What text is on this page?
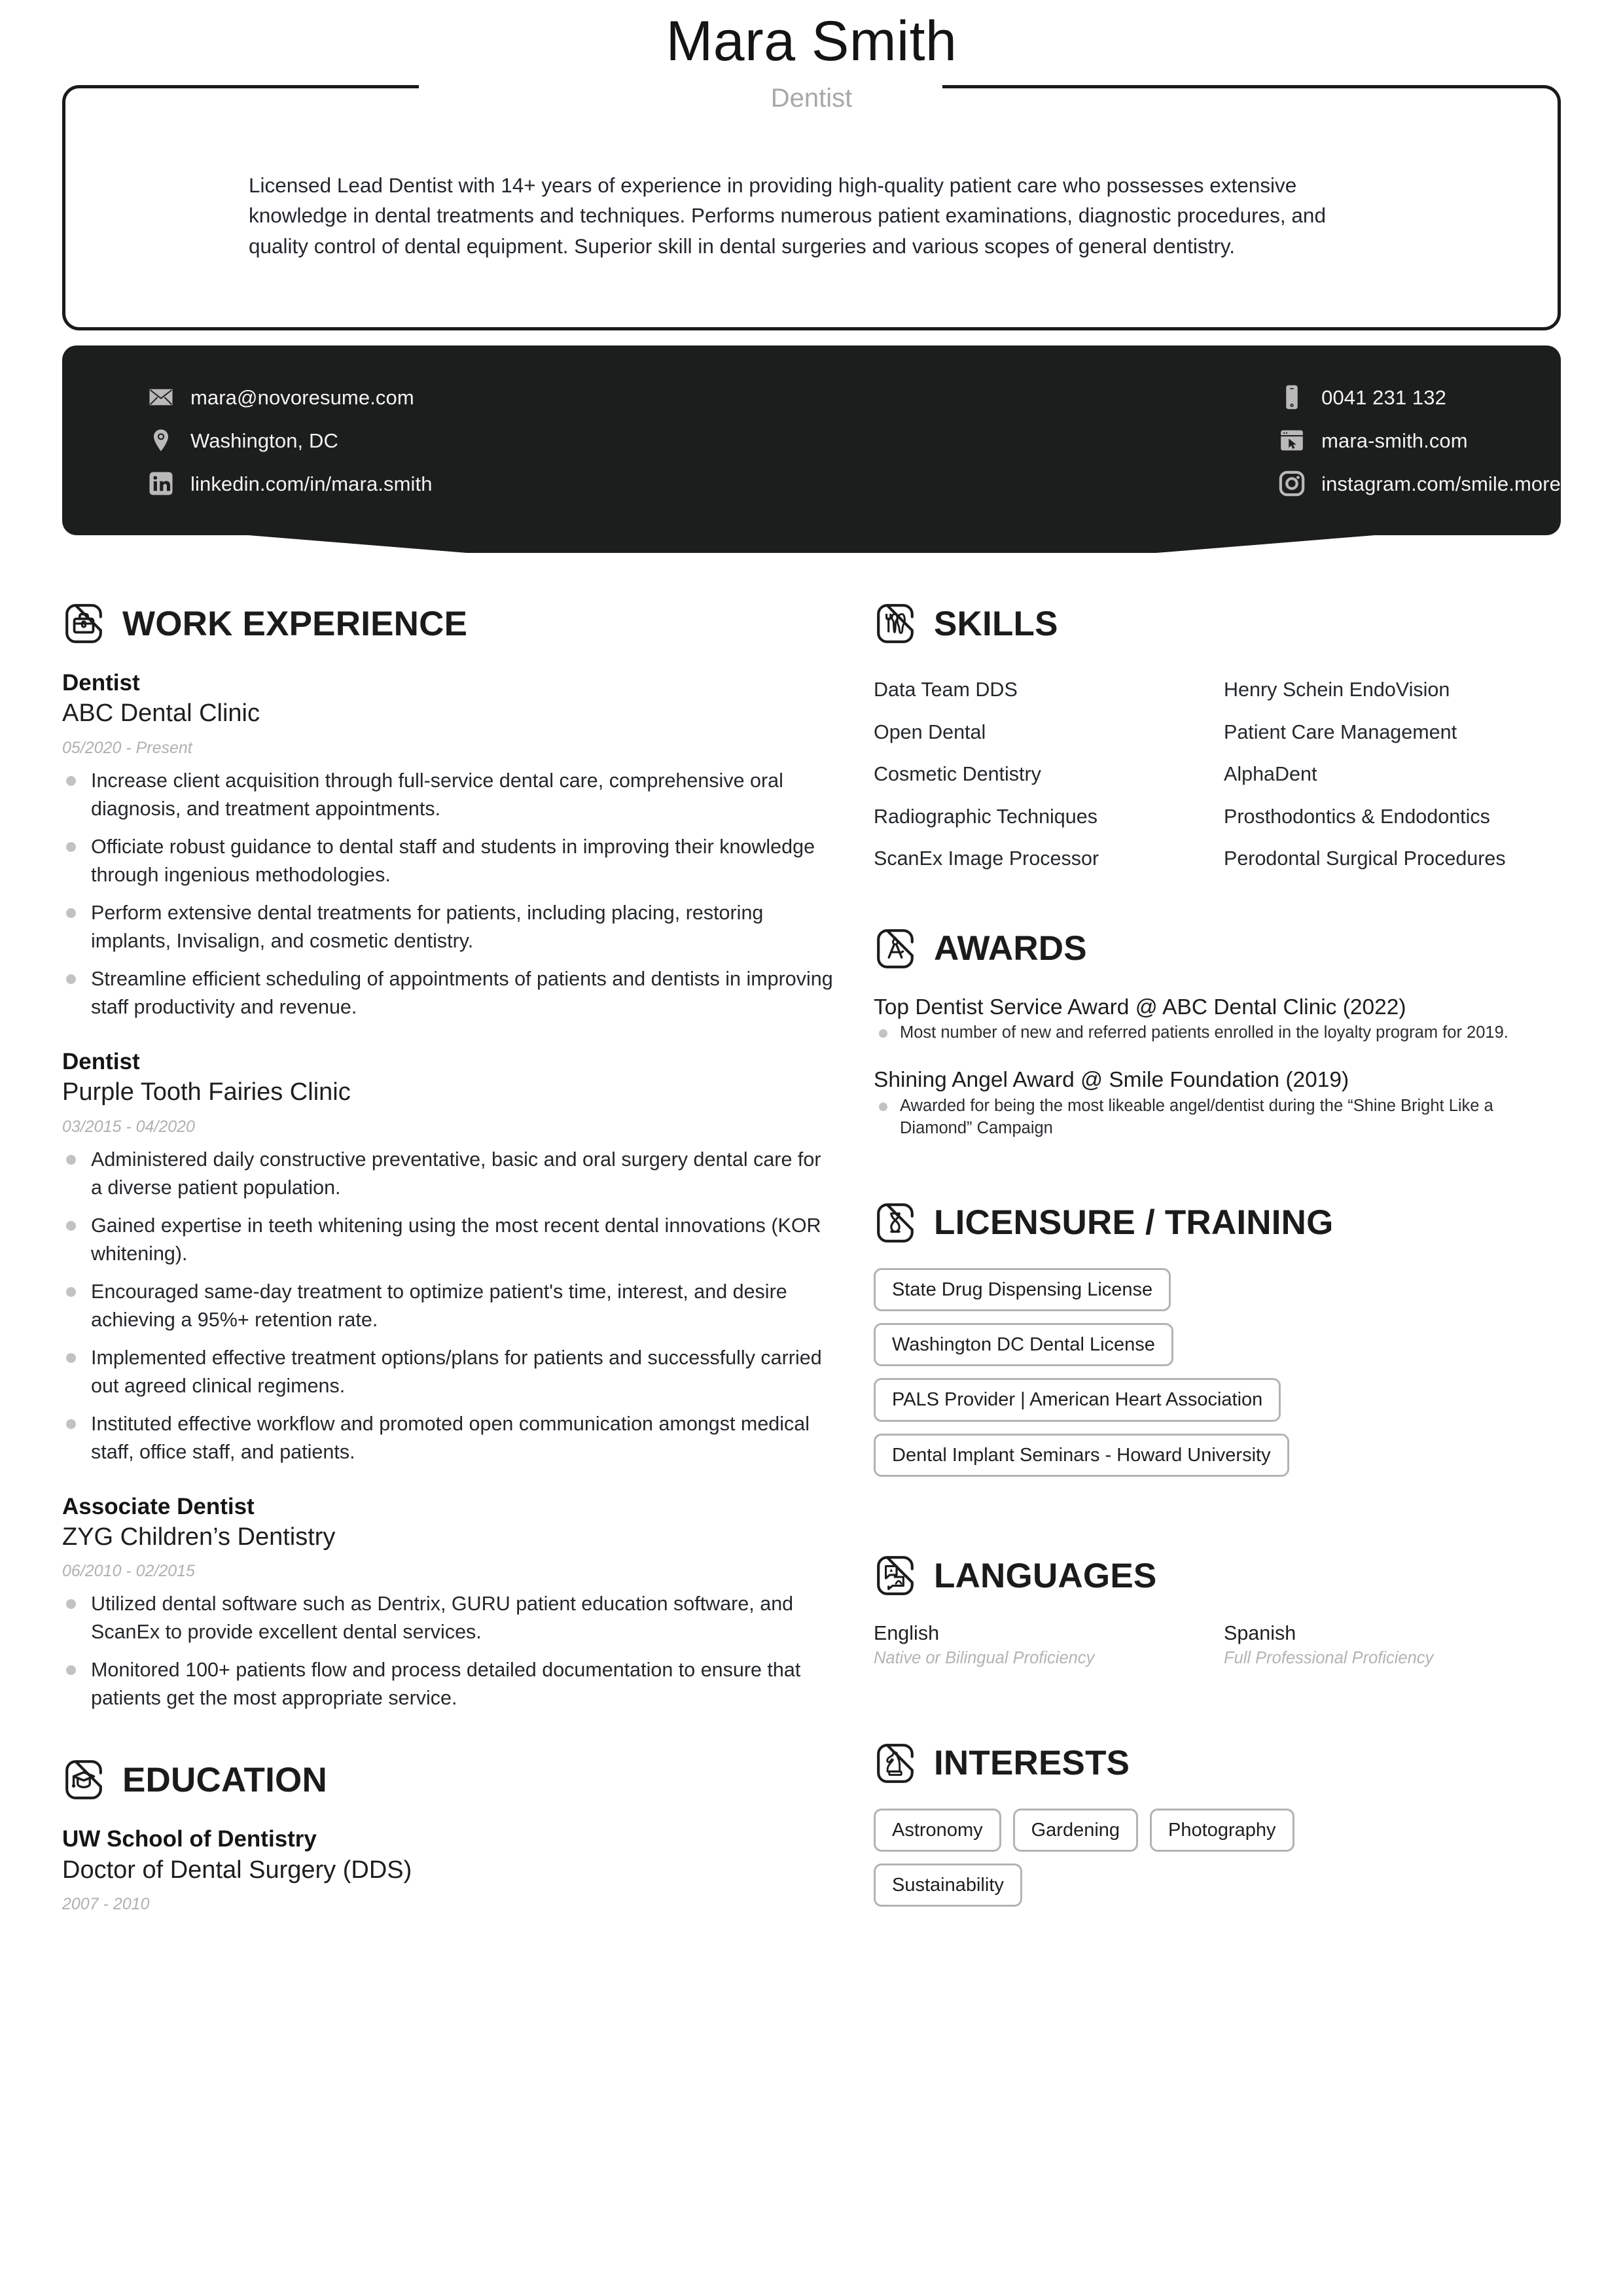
Mara Smith
Dentist
Licensed Lead Dentist with 14+ years of experience in providing high-quality patient care who possesses extensive knowledge in dental treatments and techniques. Performs numerous patient examinations, diagnostic procedures, and quality control of dental equipment. Superior skill in dental surgeries and various scopes of general dentistry.
mara@novoresume.com
Washington, DC
linkedin.com/in/mara.smith
0041 231 132
mara-smith.com
instagram.com/smile.more
WORK EXPERIENCE
Dentist
ABC Dental Clinic
05/2020 - Present
Increase client acquisition through full-service dental care, comprehensive oral diagnosis, and treatment appointments.
Officiate robust guidance to dental staff and students in improving their knowledge through ingenious methodologies.
Perform extensive dental treatments for patients, including placing, restoring implants, Invisalign, and cosmetic dentistry.
Streamline efficient scheduling of appointments of patients and dentists in improving staff productivity and revenue.
Dentist
Purple Tooth Fairies Clinic
03/2015 - 04/2020
Administered daily constructive preventative, basic and oral surgery dental care for a diverse patient population.
Gained expertise in teeth whitening using the most recent dental innovations (KOR whitening).
Encouraged same-day treatment to optimize patient's time, interest, and desire achieving a 95%+ retention rate.
Implemented effective treatment options/plans for patients and successfully carried out agreed clinical regimens.
Instituted effective workflow and promoted open communication amongst medical staff, office staff, and patients.
Associate Dentist
ZYG Children’s Dentistry
06/2010 - 02/2015
Utilized dental software such as Dentrix, GURU patient education software, and ScanEx to provide excellent dental services.
Monitored 100+ patients flow and process detailed documentation to ensure that patients get the most appropriate service.
EDUCATION
UW School of Dentistry
Doctor of Dental Surgery (DDS)
2007 - 2010
SKILLS
Data Team DDS	Henry Schein EndoVision
Open Dental	Patient Care Management
Cosmetic Dentistry	AlphaDent
Radiographic Techniques	Prosthodontics & Endodontics
ScanEx Image Processor	Perodontal Surgical Procedures
AWARDS
Top Dentist Service Award @ ABC Dental Clinic (2022)
Most number of new and referred patients enrolled in the loyalty program for 2019.
Shining Angel Award @ Smile Foundation (2019)
Awarded for being the most likeable angel/dentist during the “Shine Bright Like a Diamond” Campaign
LICENSURE / TRAINING
State Drug Dispensing License
Washington DC Dental License
PALS Provider | American Heart Association
Dental Implant Seminars - Howard University
LANGUAGES
English
Native or Bilingual Proficiency
Spanish
Full Professional Proficiency
INTERESTS
Astronomy	Gardening	Photography
Sustainability
